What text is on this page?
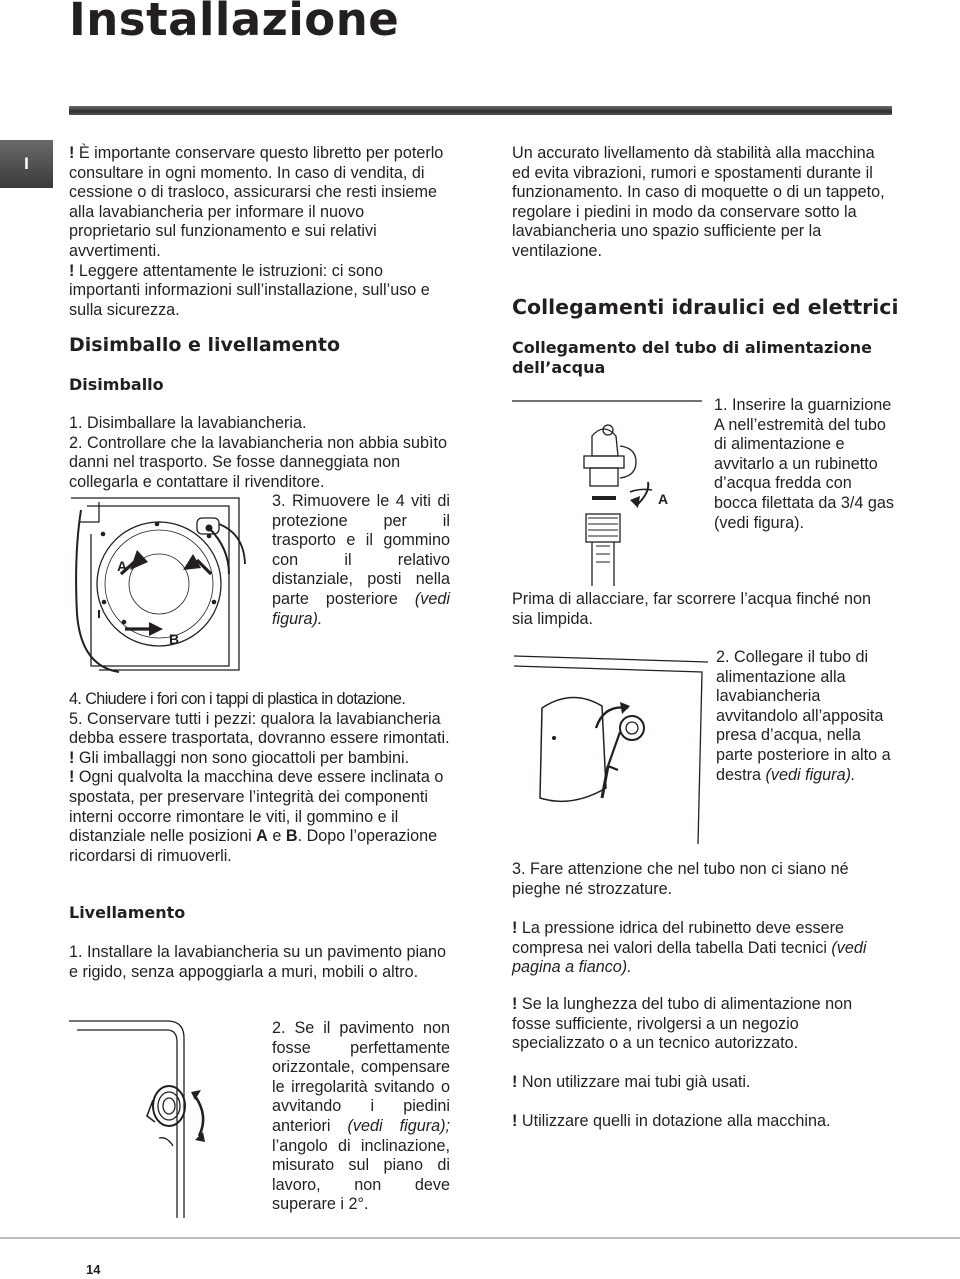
Installazione
I

! È importante conservare questo libretto per poterlo consultare in ogni momento. In caso di vendita, di cessione o di trasloco, assicurarsi che resti insieme alla lavabiancheria per informare il nuovo proprietario sul funzionamento e sui relativi avvertimenti.

! Leggere attentamente le istruzioni: ci sono importanti informazioni sull’installazione, sull’uso e sulla sicurezza.

Disimballo e livellamento
Disimballo

1. Disimballare la lavabiancheria.

2. Controllare che la lavabiancheria non abbia subìto danni nel trasporto. Se fosse danneggiata non collegarla e contattare il rivenditore.

A
B

3. Rimuovere le 4 viti di protezione per il trasporto e il gommino con il relativo distanziale, posti nella parte posteriore (vedi figura).

4. Chiudere i fori con i tappi di plastica in dotazione.

5. Conservare tutti i pezzi: qualora la lavabiancheria debba essere trasportata, dovranno essere rimontati.

! Gli imballaggi non sono giocattoli per bambini.

! Ogni qualvolta la macchina deve essere inclinata o spostata, per preservare l’integrità dei componenti interni occorre rimontare le viti, il gommino e il distanziale nelle posizioni A e B. Dopo l’operazione ricordarsi di rimuoverli.

Livellamento

1. Installare la lavabiancheria su un pavimento piano e rigido, senza appoggiarla a muri, mobili o altro.

2. Se il pavimento non fosse perfettamente orizzontale, compensare le irregolarità svitando o avvitando i piedini anteriori (vedi figura); l’angolo di inclinazione, misurato sul piano di lavoro, non deve superare i 2°.

Un accurato livellamento dà stabilità alla macchina ed evita vibrazioni, rumori e spostamenti durante il funzionamento. In caso di moquette o di un tappeto, regolare i piedini in modo da conservare sotto la lavabiancheria uno spazio sufficiente per la ventilazione.

Collegamenti idraulici ed elettrici
Collegamento del tubo di alimentazione dell’acqua
A

1. Inserire la guarnizione A nell’estremità del tubo di alimentazione e avvitarlo a un rubinetto d’acqua fredda con bocca filettata da 3/4 gas (vedi figura).

Prima di allacciare, far scorrere l’acqua finché non sia limpida.

2. Collegare il tubo di alimentazione alla lavabiancheria avvitandolo all’apposita presa d’acqua, nella parte posteriore in alto a destra (vedi figura).

3. Fare attenzione che nel tubo non ci siano né pieghe né strozzature.

! La pressione idrica del rubinetto deve essere compresa nei valori della tabella Dati tecnici (vedi pagina a fianco).

! Se la lunghezza del tubo di alimentazione non fosse sufficiente, rivolgersi a un negozio specializzato o a un tecnico autorizzato.

! Non utilizzare mai tubi già usati.

! Utilizzare quelli in dotazione alla macchina.

14
